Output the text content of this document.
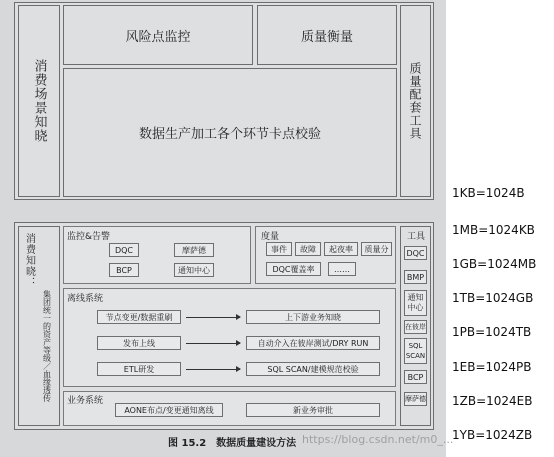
消费场景知晓
风险点监控	质量衡量
数据生产加工各个环节卡点校验	质量配套工具
消费知晓：
集团统一的资产等级／血缘透传
监控&告警
DQC	摩萨德
BCP	通知中心
度量
事件	故障	起夜率	质量分
DQC覆盖率	……
离线系统
节点变更/数据重刷	上下游业务知晓
发布上线	自动介入在彼岸测试/DRY RUN
ETL研发	SQL SCAN/建模规范校验
业务系统
AONE布点/变更通知离线	新业务审批
工具
DQC
BMP
通知中心
在彼岸
SQL SCAN
BCP
摩萨德
图 15.2　数据质量建设方法 https://blog.csdn.net/m0_...
1KB=1024B
1MB=1024KB
1GB=1024MB
1TB=1024GB
1PB=1024TB
1EB=1024PB
1ZB=1024EB
1YB=1024ZB
